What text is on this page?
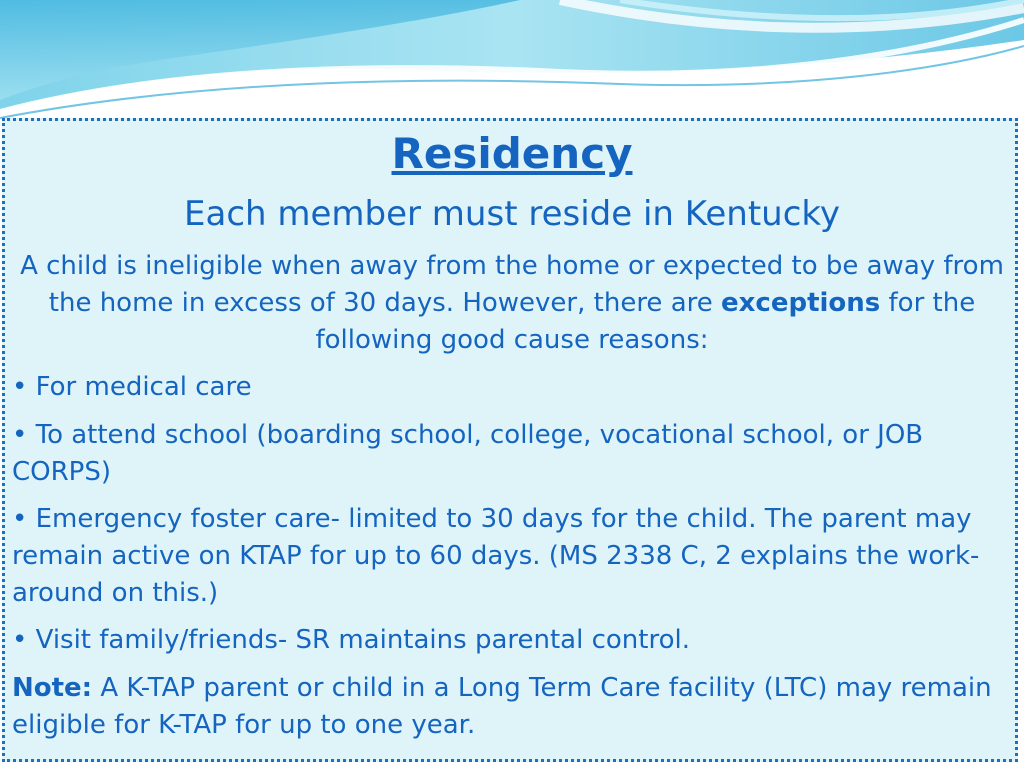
Residency
Each member must reside in Kentucky
A child is ineligible when away from the home or expected to be away from the home in excess of 30 days. However, there are exceptions for the following good cause reasons:
• For medical care
• To attend school (boarding school, college, vocational school, or JOB CORPS)
• Emergency foster care- limited to 30 days for the child. The parent may remain active on KTAP for up to 60 days. (MS 2338 C, 2 explains the work-around on this.)
• Visit family/friends- SR maintains parental control.
Note: A K-TAP parent or child in a Long Term Care facility (LTC) may remain eligible for K-TAP for up to one year.
